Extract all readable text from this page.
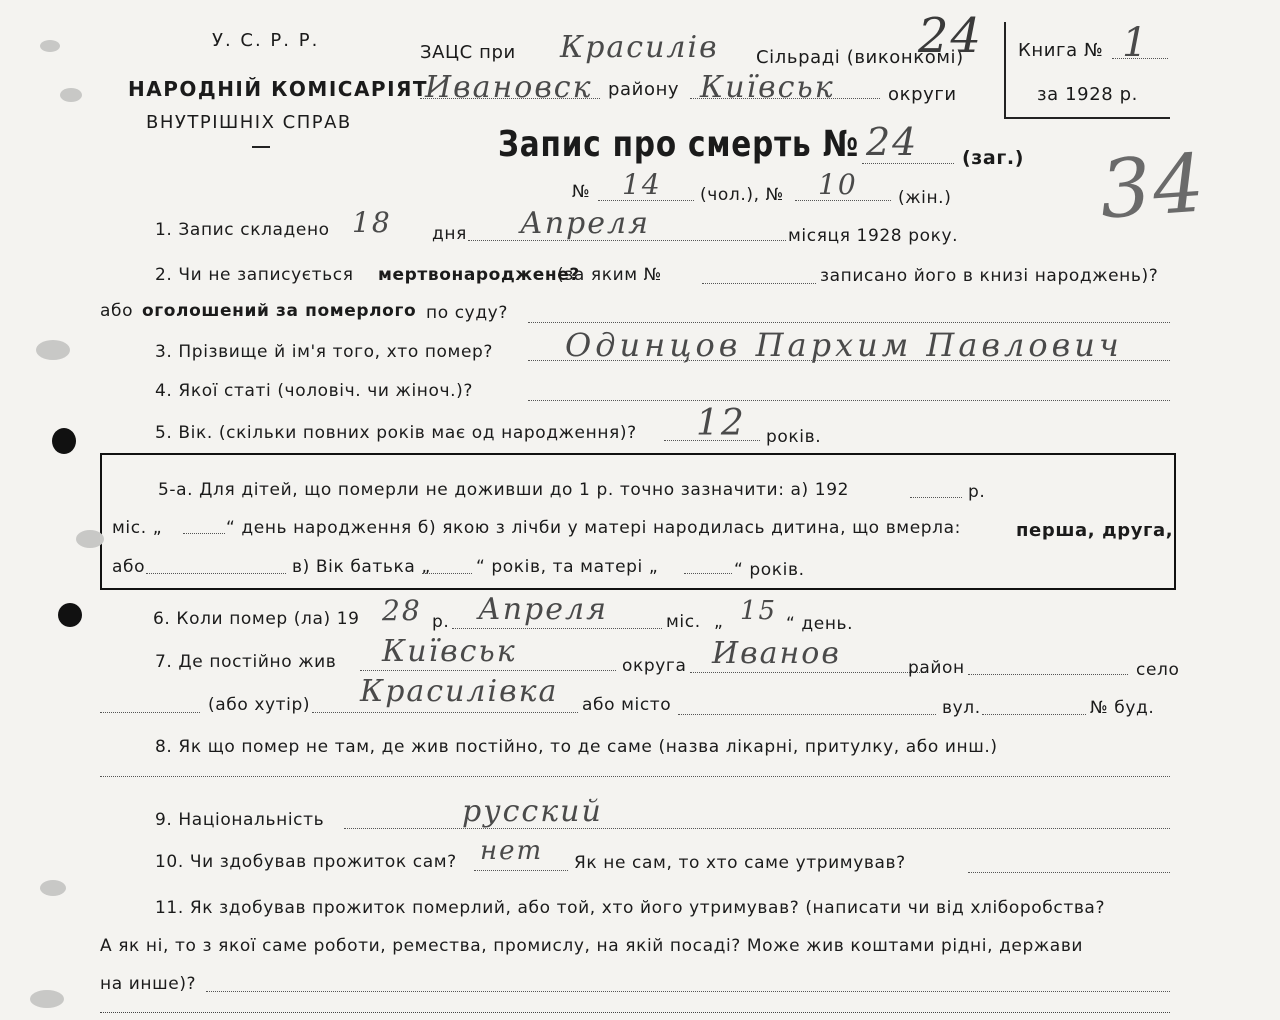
У. С. Р. Р.
НАРОДНІЙ КОМІСАРІЯТ
ВНУТРІШНІХ СПРАВ
ЗАЦС при Красилів Сільраді (виконкомі)
Ивановск району Київськ	округи
24 Книга № 1
за 1928 р.
Запис про смерть № 24 (заг.) 34
№ 14 (чол.), № 10 (жін.)
1. Запис складено 18 дня Апреля	місяця 1928 року.
2. Чи не записується мертвонароджене?
(за яким №	записано його в книзі народжень)?
або оголошений за померлого по суду?
3. Прізвище й ім'я того, хто помер? Одинцов Пархим Павлович
4. Якої статі (чоловіч. чи жіноч.)?
5. Вік. (скільки повних років має од народження)? 12 років.
5-а. Для дітей, що померли не доживши до 1 р. точно зазначити: а) 192	р.
міс. „	“ день народження б) якою з лічби у матері народилась дитина, що вмерла:	перша, друга,
або	в) Вік батька „	“ років, та матері „	“ років.
6. Коли помер (ла) 19 28 р. Апреля	міс. „ 15 “ день.
7. Де постійно жив Київськ	округа Иванов	район	село
(або хутір) Красилівка або місто	вул.	№ буд.
8. Як що помер не там, де жив постійно, то де саме (назва лікарні, притулку, або инш.)
9. Національність	русский
10. Чи здобував прожиток сам? нет Як не сам, то хто саме утримував?
11. Як здобував прожиток померлий, або той, хто його утримував? (написати чи від хліборобства?
А як ні, то з якої саме роботи, ремества, промислу, на якій посаді? Може жив коштами рідні, держави
на инше)?
